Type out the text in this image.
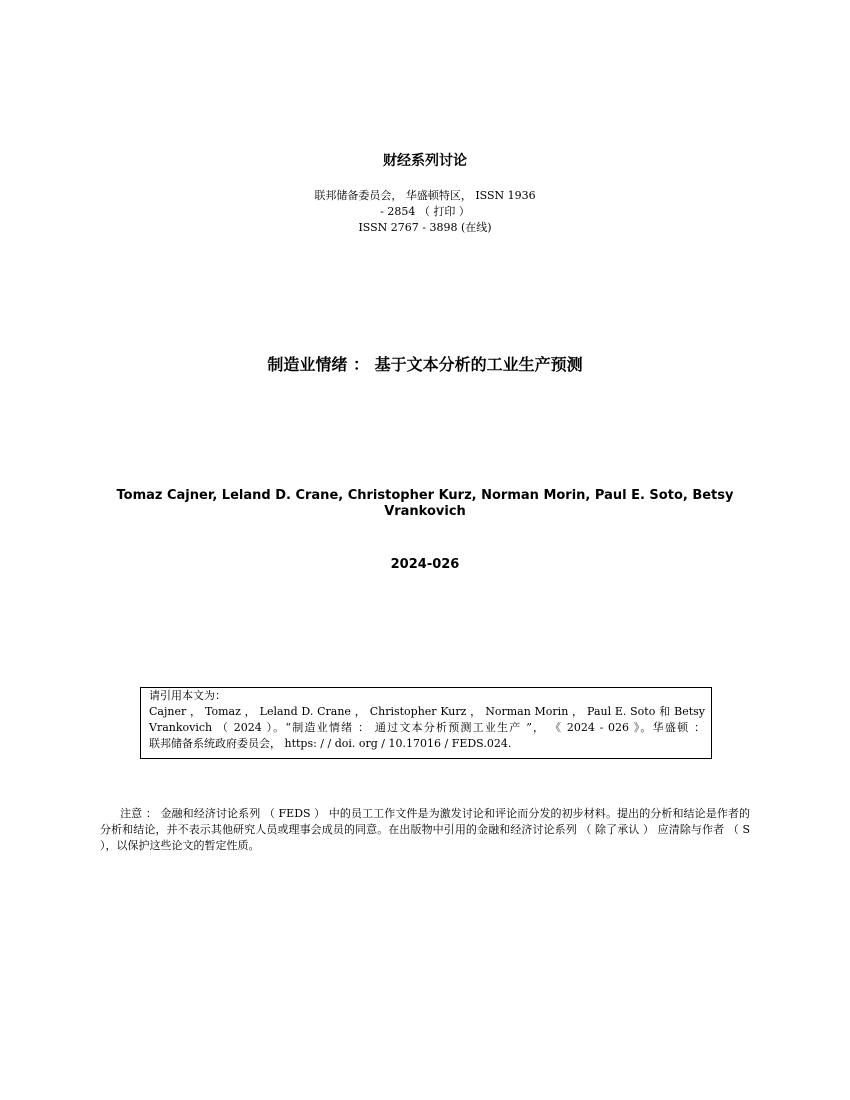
财经系列讨论
联邦储备委员会， 华盛顿特区， ISSN 1936
- 2854 （ 打印 ）
ISSN 2767 - 3898 (在线)
制造业情绪 ： 基于文本分析的工业生产预测
Tomaz Cajner, Leland D. Crane, Christopher Kurz, Norman Morin, Paul E. Soto, Betsy
Vrankovich
2024-026

请引用本文为：

Cajner ， Tomaz ， Leland D. Crane ， Christopher Kurz ， Norman Morin ， Paul E. Soto 和 Betsy

Vrankovich （ 2024 ）。“制造业情绪 ： 通过文本分析预测工业生产 ”， 《 2024 - 026 》。华盛顿 ：

联邦储备系统政府委员会， https: / / doi. org / 10.17016 / FEDS.024.

注意 ： 金融和经济讨论系列 （ FEDS ） 中的员工工作文件是为激发讨论和评论而分发的初步材料。提出的分析和结论是作者的分析和结论，并不表示其他研究人员或理事会成员的同意。在出版物中引用的金融和经济讨论系列 （ 除了承认 ） 应清除与作者 （ S ），以保护这些论文的暂定性质。
